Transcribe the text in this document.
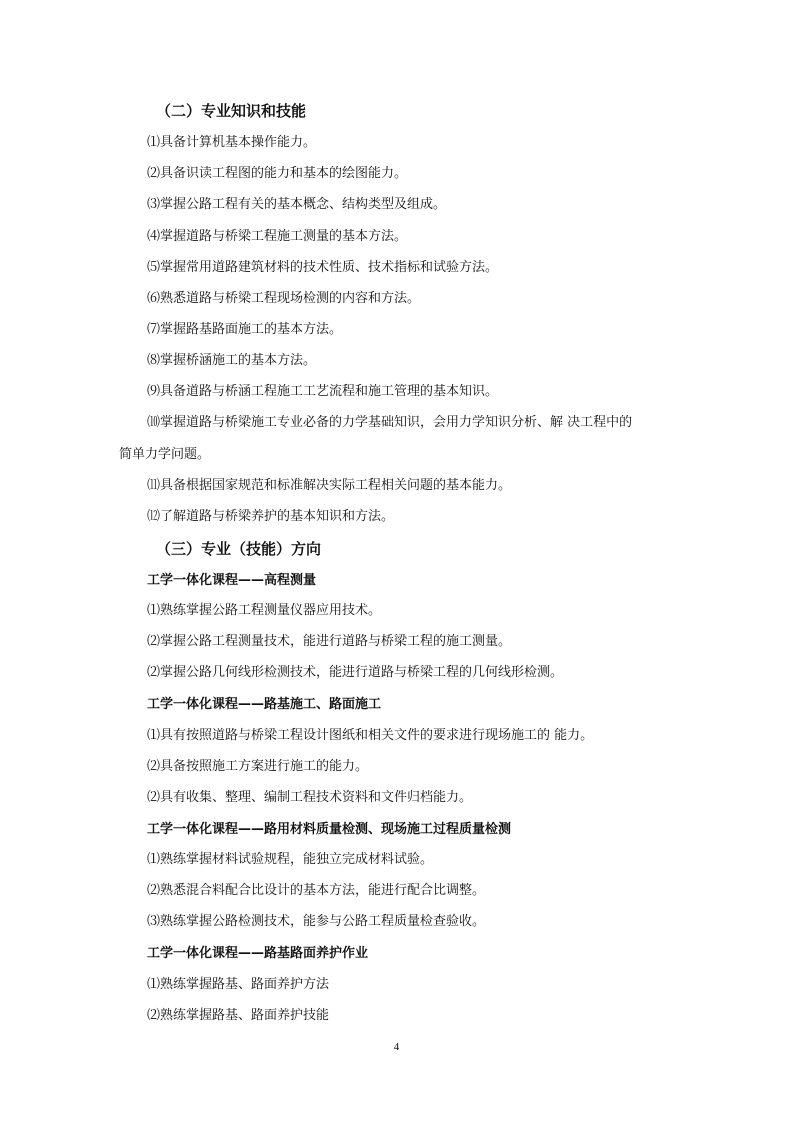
（二）专业知识和技能
⑴具备计算机基本操作能力。
⑵具备识读工程图的能力和基本的绘图能力。
⑶掌握公路工程有关的基本概念、结构类型及组成。
⑷掌握道路与桥梁工程施工测量的基本方法。
⑸掌握常用道路建筑材料的技术性质、技术指标和试验方法。
⑹熟悉道路与桥梁工程现场检测的内容和方法。
⑺掌握路基路面施工的基本方法。
⑻掌握桥涵施工的基本方法。
⑼具备道路与桥涵工程施工工艺流程和施工管理的基本知识。
⑽掌握道路与桥梁施工专业必备的力学基础知识，会用力学知识分析、解 决工程中的
简单力学问题。
⑾具备根据国家规范和标准解决实际工程相关问题的基本能力。
⑿了解道路与桥梁养护的基本知识和方法。
（三）专业（技能）方向
工学一体化课程——高程测量
⑴熟练掌握公路工程测量仪器应用技术。
⑵掌握公路工程测量技术，能进行道路与桥梁工程的施工测量。
⑵掌握公路几何线形检测技术，能进行道路与桥梁工程的几何线形检测。
工学一体化课程——路基施工、路面施工
⑴具有按照道路与桥梁工程设计图纸和相关文件的要求进行现场施工的 能力。
⑵具备按照施工方案进行施工的能力。
⑵具有收集、整理、编制工程技术资料和文件归档能力。
工学一体化课程——路用材料质量检测、现场施工过程质量检测
⑴熟练掌握材料试验规程，能独立完成材料试验。
⑵熟悉混合料配合比设计的基本方法，能进行配合比调整。
⑶熟练掌握公路检测技术，能参与公路工程质量检查验收。
工学一体化课程——路基路面养护作业
⑴熟练掌握路基、路面养护方法
⑵熟练掌握路基、路面养护技能
4
